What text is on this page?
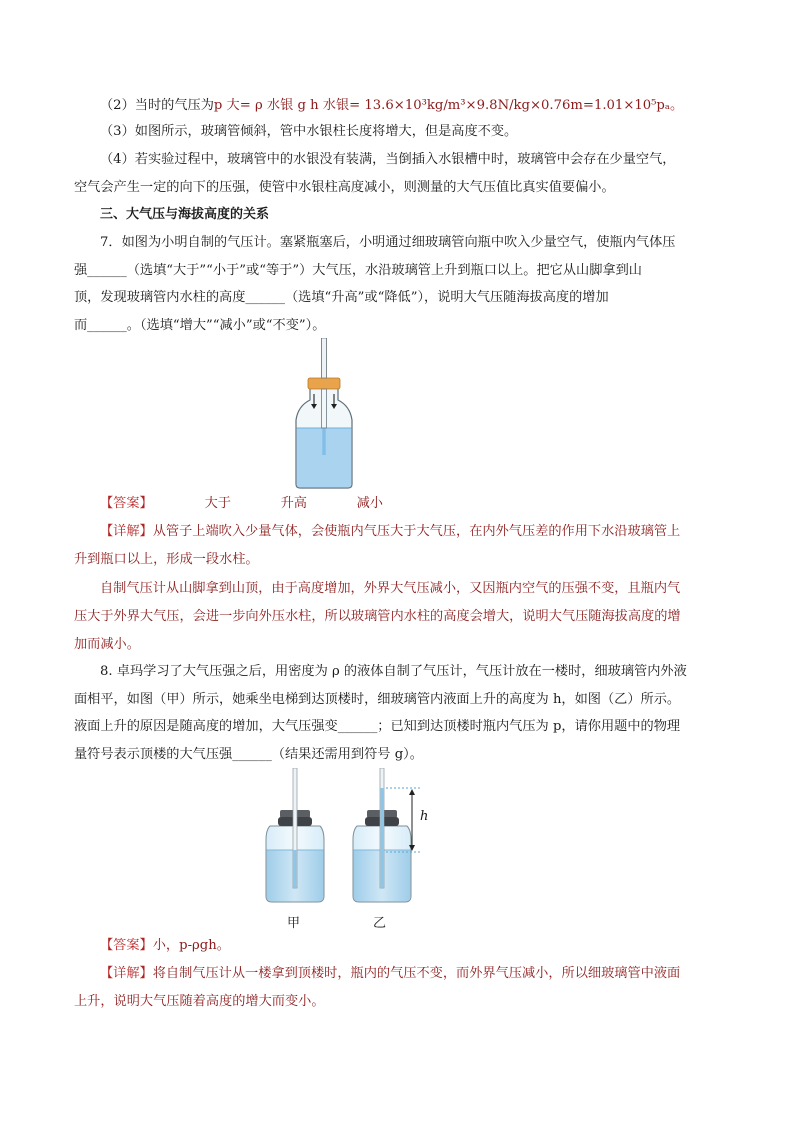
（2）当时的气压为p 大= ρ 水银 g h 水银= 13.6×10³kg/m³×9.8N/kg×0.76m=1.01×10⁵pₐ。

（3）如图所示，玻璃管倾斜，管中水银柱长度将增大，但是高度不变。

（4）若实验过程中，玻璃管中的水银没有装满，当倒插入水银槽中时，玻璃管中会存在少量空气，

空气会产生一定的向下的压强，使管中水银柱高度减小，则测量的大气压值比真实值要偏小。

三、大气压与海拔高度的关系

7．如图为小明自制的气压计。塞紧瓶塞后，小明通过细玻璃管向瓶中吹入少量空气，使瓶内气体压

强______（选填“大于”“小于”或“等于”）大气压，水沿玻璃管上升到瓶口以上。把它从山脚拿到山

顶，发现玻璃管内水柱的高度______（选填“升高”或“降低”），说明大气压随海拔高度的增加

而______。（选填“增大”“减小”或“不变”）。

【答案】	大于	升高	减小

【详解】从管子上端吹入少量气体，会使瓶内气压大于大气压，在内外气压差的作用下水沿玻璃管上

升到瓶口以上，形成一段水柱。

自制气压计从山脚拿到山顶，由于高度增加，外界大气压减小，又因瓶内空气的压强不变，且瓶内气

压大于外界大气压，会进一步向外压水柱，所以玻璃管内水柱的高度会增大，说明大气压随海拔高度的增

加而减小。

8. 卓玛学习了大气压强之后，用密度为 ρ 的液体自制了气压计，气压计放在一楼时，细玻璃管内外液

面相平，如图（甲）所示，她乘坐电梯到达顶楼时，细玻璃管内液面上升的高度为 h，如图（乙）所示。

液面上升的原因是随高度的增加，大气压强变______；已知到达顶楼时瓶内气压为 p，请你用题中的物理

量符号表示顶楼的大气压强______（结果还需用到符号 g）。

h
甲	乙

【答案】小，p-ρgh。

【详解】将自制气压计从一楼拿到顶楼时，瓶内的气压不变，而外界气压减小，所以细玻璃管中液面

上升，说明大气压随着高度的增大而变小。
